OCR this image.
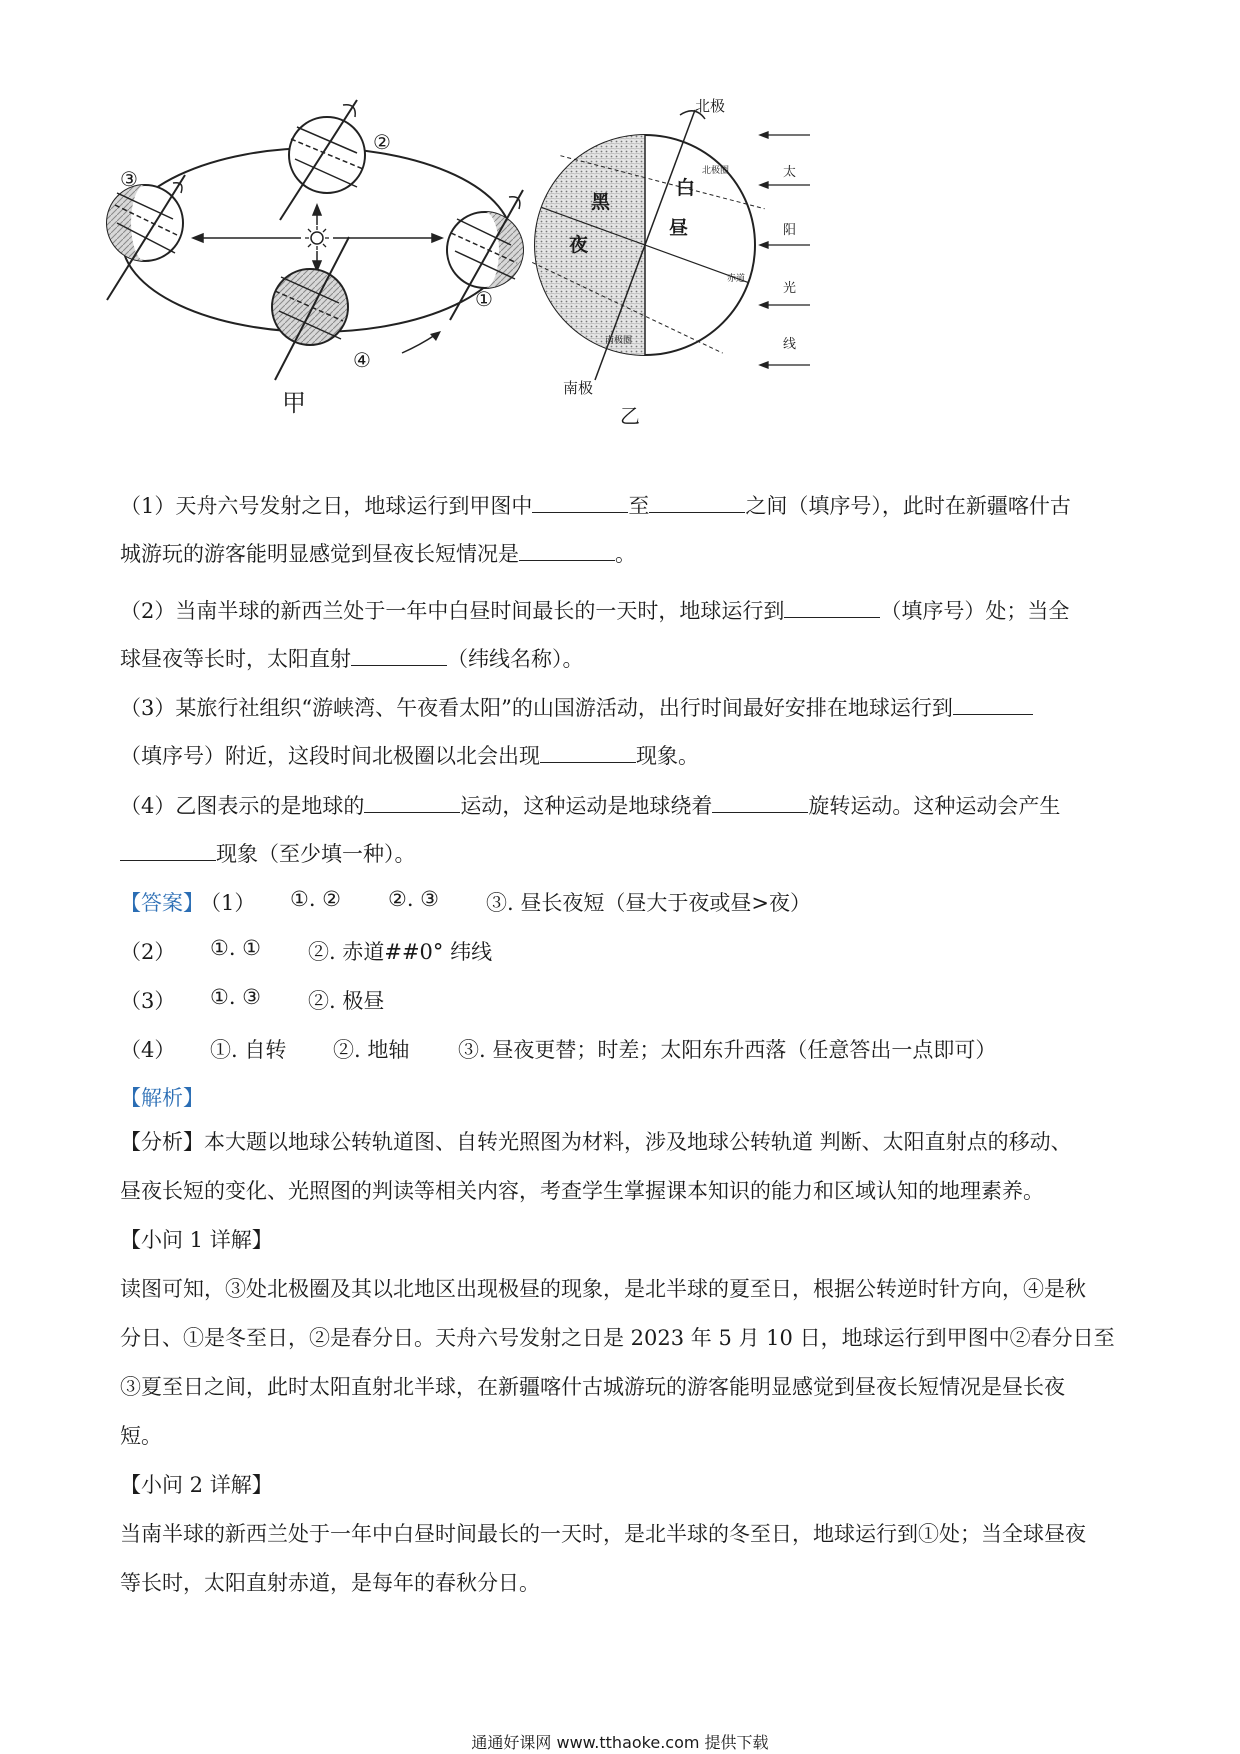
甲	乙
③
②
①
④
北极
南极
黑
夜
白
昼
北极圈
赤道
南极圈
太
阳
光
线
（1）天舟六号发射之日，地球运行到甲图中	至	之间（填序号），此时在新疆喀什古
城游玩的游客能明显感觉到昼夜长短情况是	。
（2）当南半球的新西兰处于一年中白昼时间最长的一天时，地球运行到	（填序号）处；当全
球昼夜等长时，太阳直射	（纬线名称）。
（3）某旅行社组织“游峡湾、午夜看太阳”的山国游活动，出行时间最好安排在地球运行到
（填序号）附近，这段时间北极圈以北会出现	现象。
（4）乙图表示的是地球的	运动，这种运动是地球绕着	旋转运动。这种运动会产生
现象（至少填一种）。
【答案】
（1） ①. ② ②. ③ ③. 昼长夜短（昼大于夜或昼>夜）
（2） ①. ① ②. 赤道##0° 纬线
（3） ①. ③ ②. 极昼
（4） ①. 自转 ②. 地轴 ③. 昼夜更替；时差；太阳东升西落（任意答出一点即可）
【解析】
【分析】本大题以地球公转轨道图、自转光照图为材料，涉及地球公转轨道 判断、太阳直射点的移动、
昼夜长短的变化、光照图的判读等相关内容，考查学生掌握课本知识的能力和区域认知的地理素养。
【小问 1 详解】
读图可知，③处北极圈及其以北地区出现极昼的现象，是北半球的夏至日，根据公转逆时针方向，④是秋
分日、①是冬至日，②是春分日。天舟六号发射之日是 2023 年 5 月 10 日，地球运行到甲图中②春分日至
③夏至日之间，此时太阳直射北半球，在新疆喀什古城游玩的游客能明显感觉到昼夜长短情况是昼长夜
短。
【小问 2 详解】
当南半球的新西兰处于一年中白昼时间最长的一天时，是北半球的冬至日，地球运行到①处；当全球昼夜
等长时，太阳直射赤道，是每年的春秋分日。
通通好课网 www.tthaoke.com 提供下载
